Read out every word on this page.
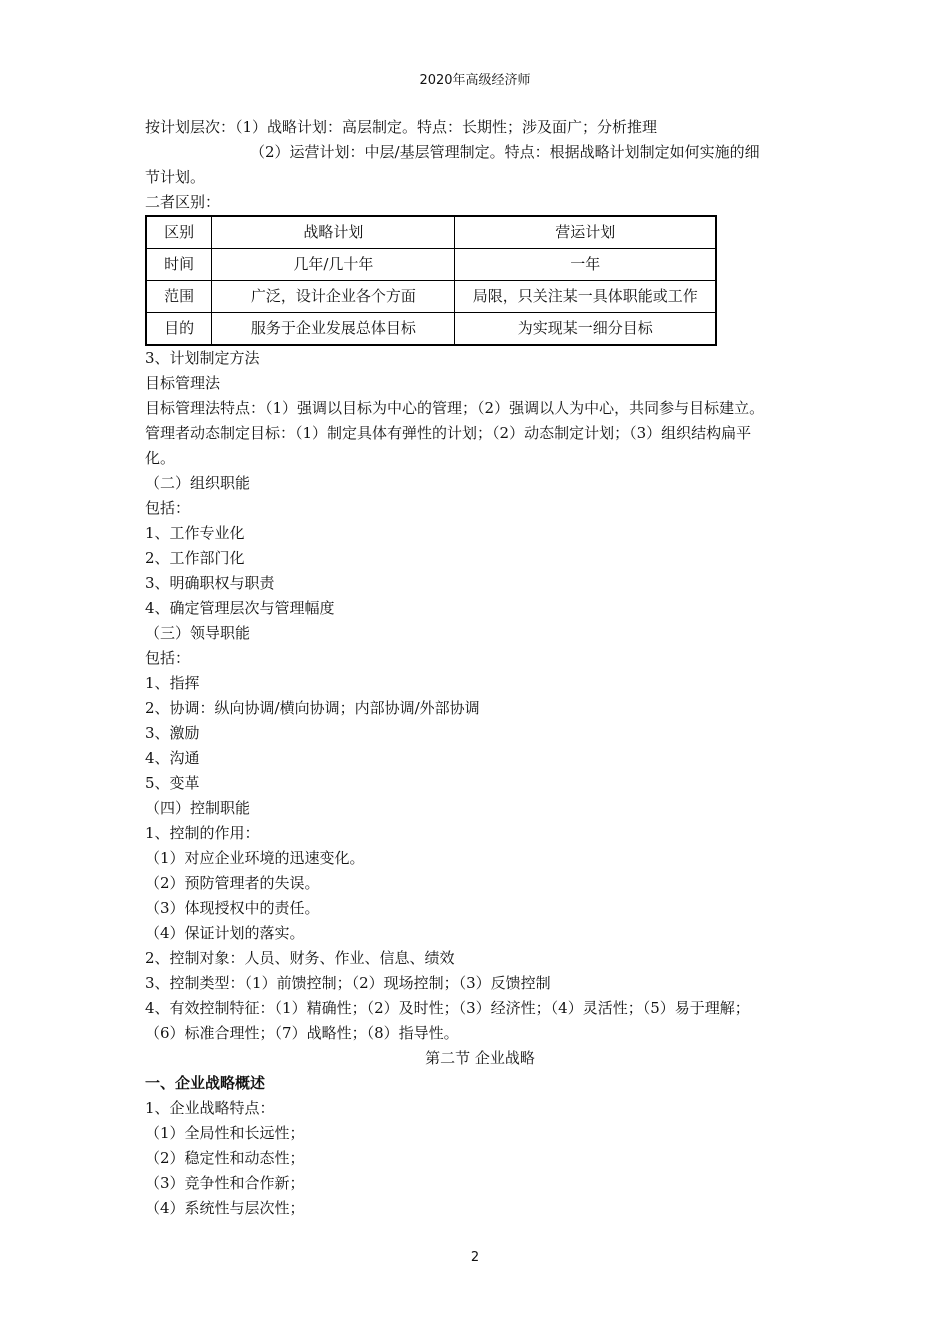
2020年高级经济师
按计划层次：（1）战略计划：高层制定。特点：长期性；涉及面广；分析推理
（2）运营计划：中层/基层管理制定。特点：根据战略计划制定如何实施的细
节计划。
二者区别：
区别	战略计划	营运计划
时间	几年/几十年	一年
范围	广泛，设计企业各个方面	局限，只关注某一具体职能或工作
目的	服务于企业发展总体目标	为实现某一细分目标
3、计划制定方法
目标管理法
目标管理法特点：（1）强调以目标为中心的管理；（2）强调以人为中心，共同参与目标建立。
管理者动态制定目标：（1）制定具体有弹性的计划；（2）动态制定计划；（3）组织结构扁平
化。
（二）组织职能
包括：
1、工作专业化
2、工作部门化
3、明确职权与职责
4、确定管理层次与管理幅度
（三）领导职能
包括：
1、指挥
2、协调：纵向协调/横向协调；内部协调/外部协调
3、激励
4、沟通
5、变革
（四）控制职能
1、控制的作用：
（1）对应企业环境的迅速变化。
（2）预防管理者的失误。
（3）体现授权中的责任。
（4）保证计划的落实。
2、控制对象：人员、财务、作业、信息、绩效
3、控制类型：（1）前馈控制；（2）现场控制；（3）反馈控制
4、有效控制特征：（1）精确性；（2）及时性；（3）经济性；（4）灵活性；（5）易于理解；
（6）标准合理性；（7）战略性；（8）指导性。
第二节 企业战略
一、企业战略概述
1、企业战略特点：
（1）全局性和长远性；
（2）稳定性和动态性；
（3）竞争性和合作新；
（4）系统性与层次性；
2
